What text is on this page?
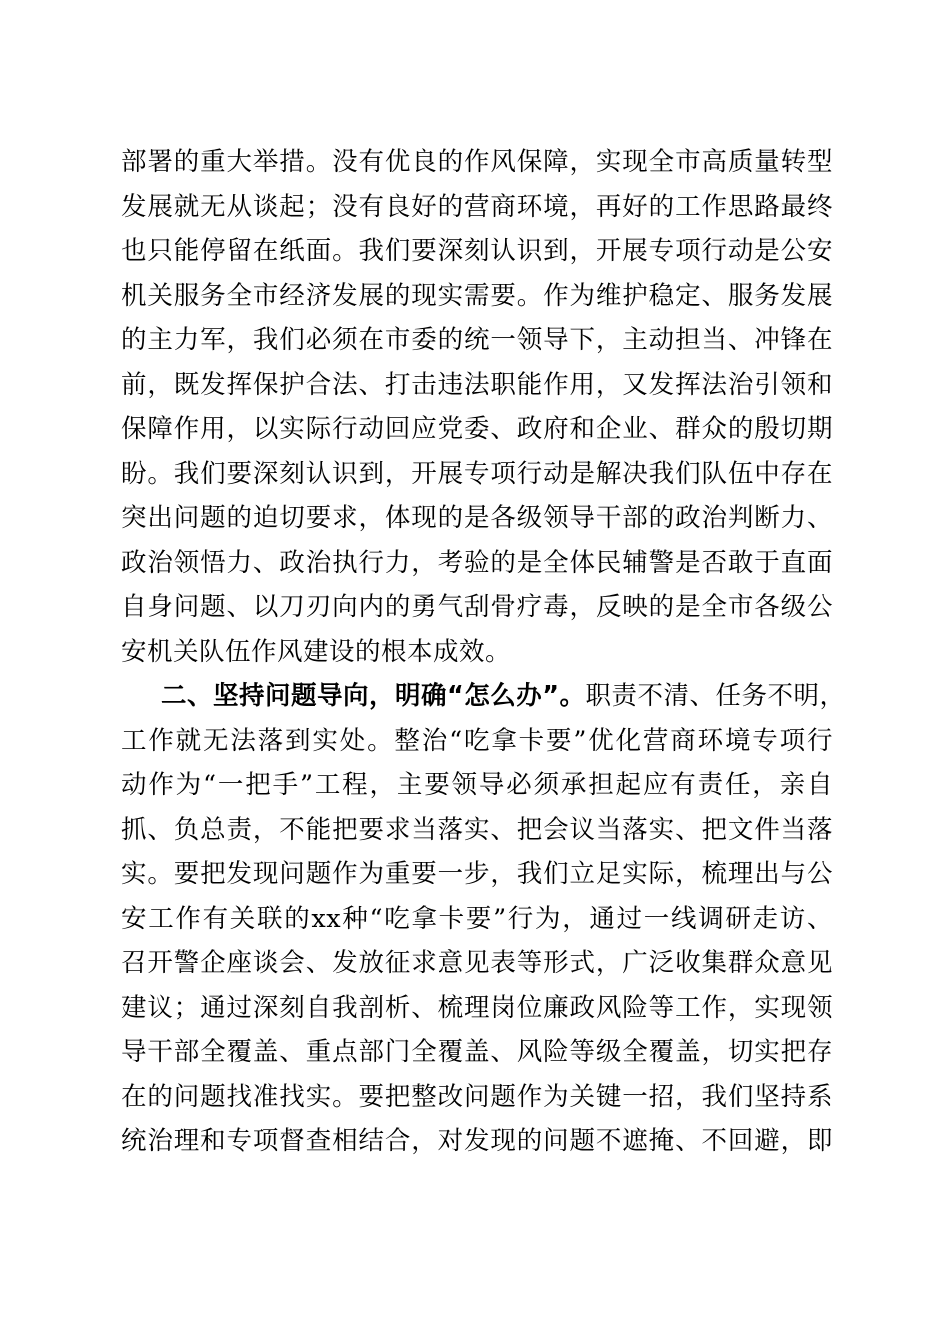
部署的重大举措。没有优良的作风保障，实现全市高质量转型
发展就无从谈起；没有良好的营商环境，再好的工作思路最终
也只能停留在纸面。我们要深刻认识到，开展专项行动是公安
机关服务全市经济发展的现实需要。作为维护稳定、服务发展
的主力军，我们必须在市委的统一领导下，主动担当、冲锋在
前，既发挥保护合法、打击违法职能作用，又发挥法治引领和
保障作用，以实际行动回应党委、政府和企业、群众的殷切期
盼。我们要深刻认识到，开展专项行动是解决我们队伍中存在
突出问题的迫切要求，体现的是各级领导干部的政治判断力、
政治领悟力、政治执行力，考验的是全体民辅警是否敢于直面
自身问题、以刀刃向内的勇气刮骨疗毒，反映的是全市各级公
安机关队伍作风建设的根本成效。
二、坚持问题导向，明确“怎么办”。职责不清、任务不明，
工作就无法落到实处。整治“吃拿卡要”优化营商环境专项行
动作为“一把手”工程，主要领导必须承担起应有责任，亲自
抓、负总责，不能把要求当落实、把会议当落实、把文件当落
实。要把发现问题作为重要一步，我们立足实际，梳理出与公
安工作有关联的xx种“吃拿卡要”行为，通过一线调研走访、
召开警企座谈会、发放征求意见表等形式，广泛收集群众意见
建议；通过深刻自我剖析、梳理岗位廉政风险等工作，实现领
导干部全覆盖、重点部门全覆盖、风险等级全覆盖，切实把存
在的问题找准找实。要把整改问题作为关键一招，我们坚持系
统治理和专项督查相结合，对发现的问题不遮掩、不回避，即
